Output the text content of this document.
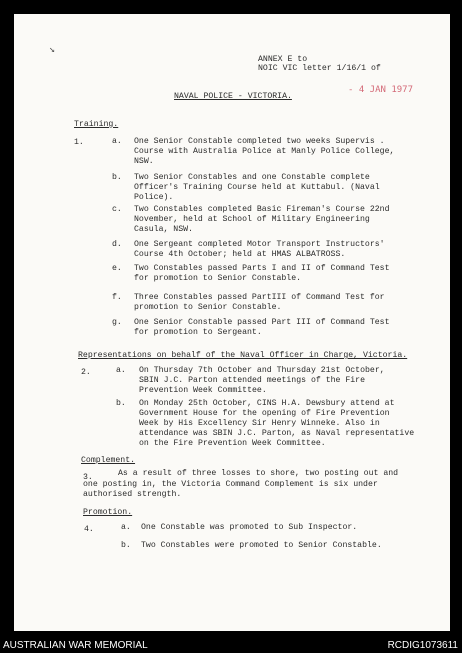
↘
ANNEX E to
NOIC VIC letter 1/16/1 of
- 4 JAN 1977
NAVAL POLICE - VICTORIA.
Training.
1.	a. One Senior Constable completed two weeks Supervis .
Course with Australia Police at Manly Police College,
NSW.
b. Two Senior Constables and one Constable complete
Officer's Training Course held at Kuttabul. (Naval
Police).
c. Two Constables completed Basic Fireman's Course 22nd
November, held at School of Military Engineering
Casula, NSW.
d. One Sergeant completed Motor Transport Instructors'
Course 4th October; held at HMAS ALBATROSS.
e. Two Constables passed Parts I and II of Command Test
for promotion to Senior Constable.
f. Three Constables passed PartIII of Command Test for
promotion to Senior Constable.
g. One Senior Constable passed Part III of Command Test
for promotion to Sergeant.
Representations on behalf of the Naval Officer in Charge, Victoria.
2.	a. On Thursday 7th October and Thursday 21st October,
SBIN J.C. Parton attended meetings of the Fire
Prevention Week Committee.
b. On Monday 25th October, CINS H.A. Dewsbury attend at
Government House for the opening of Fire Prevention
Week by His Excellency Sir Henry Winneke. Also in
attendance was SBIN J.C. Parton, as Naval representative
on the Fire Prevention Week Committee.
Complement.
3.	As a result of three losses to shore, two posting out and
one posting in, the Victoria Command Complement is six under
authorised strength.
Promotion.
4.	a. One Constable was promoted to Sub Inspector.
b. Two Constables were promoted to Senior Constable.
AUSTRALIAN WAR MEMORIAL	RCDIG1073611
